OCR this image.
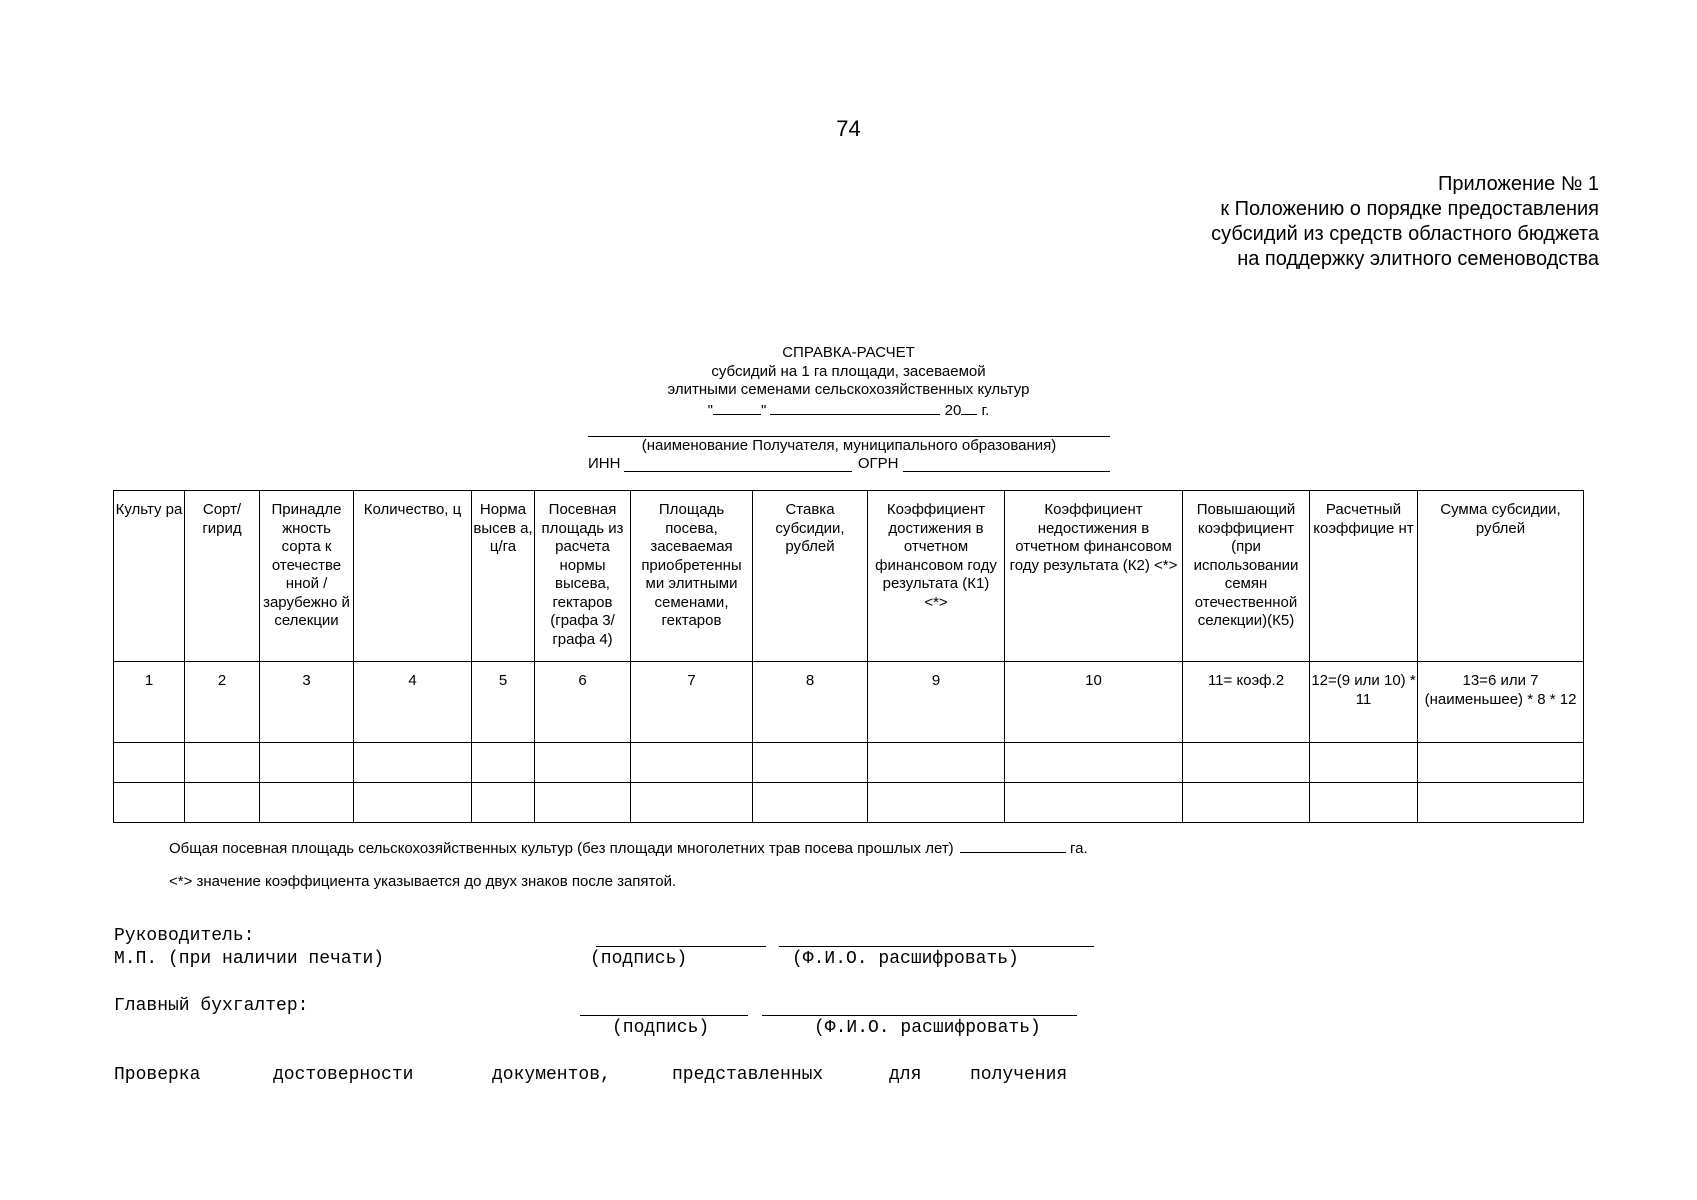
74
Приложение № 1
к Положению о порядке предоставления
субсидий из средств областного бюджета
на поддержку элитного семеноводства
СПРАВКА-РАСЧЕТ
субсидий на 1 га площади, засеваемой
элитными семенами сельскохозяйственных культур
"	"	20 г.
(наименование Получателя, муниципального образования)
ИНН	ОГРН
Культу ра	Сорт/ гирид	Принадле жность сорта к отечестве нной / зарубежно й селекции	Количество, ц	Норма высев а, ц/га	Посевная площадь из расчета нормы высева, гектаров (графа 3/ графа 4)	Площадь посева, засеваемая приобретенны ми элитными семенами, гектаров	Ставка субсидии, рублей	Коэффициент достижения в отчетном финансовом году результата (К1) <*>	Коэффициент недостижения в отчетном финансовом году результата (К2) <*>	Повышающий коэффициент (при использовании семян отечественной селекции)(К5)	Расчетный коэффицие нт	Сумма субсидии, рублей
1	2	3	4	5	6	7	8	9	10	11= коэф.2	12=(9 или 10) * 11	13=6 или 7 (наименьшее) * 8 * 12

Общая посевная площадь сельскохозяйственных культур (без площади многолетних трав посева прошлых лет)	га.
<*> значение коэффициента указывается до двух знаков после запятой.
Руководитель:
М.П. (при наличии печати)	(подпись)	(Ф.И.О. расшифровать)
Главный бухгалтер:
(подпись)	(Ф.И.О. расшифровать)
Проверка	достоверности	документов,	представленных	для	получения
